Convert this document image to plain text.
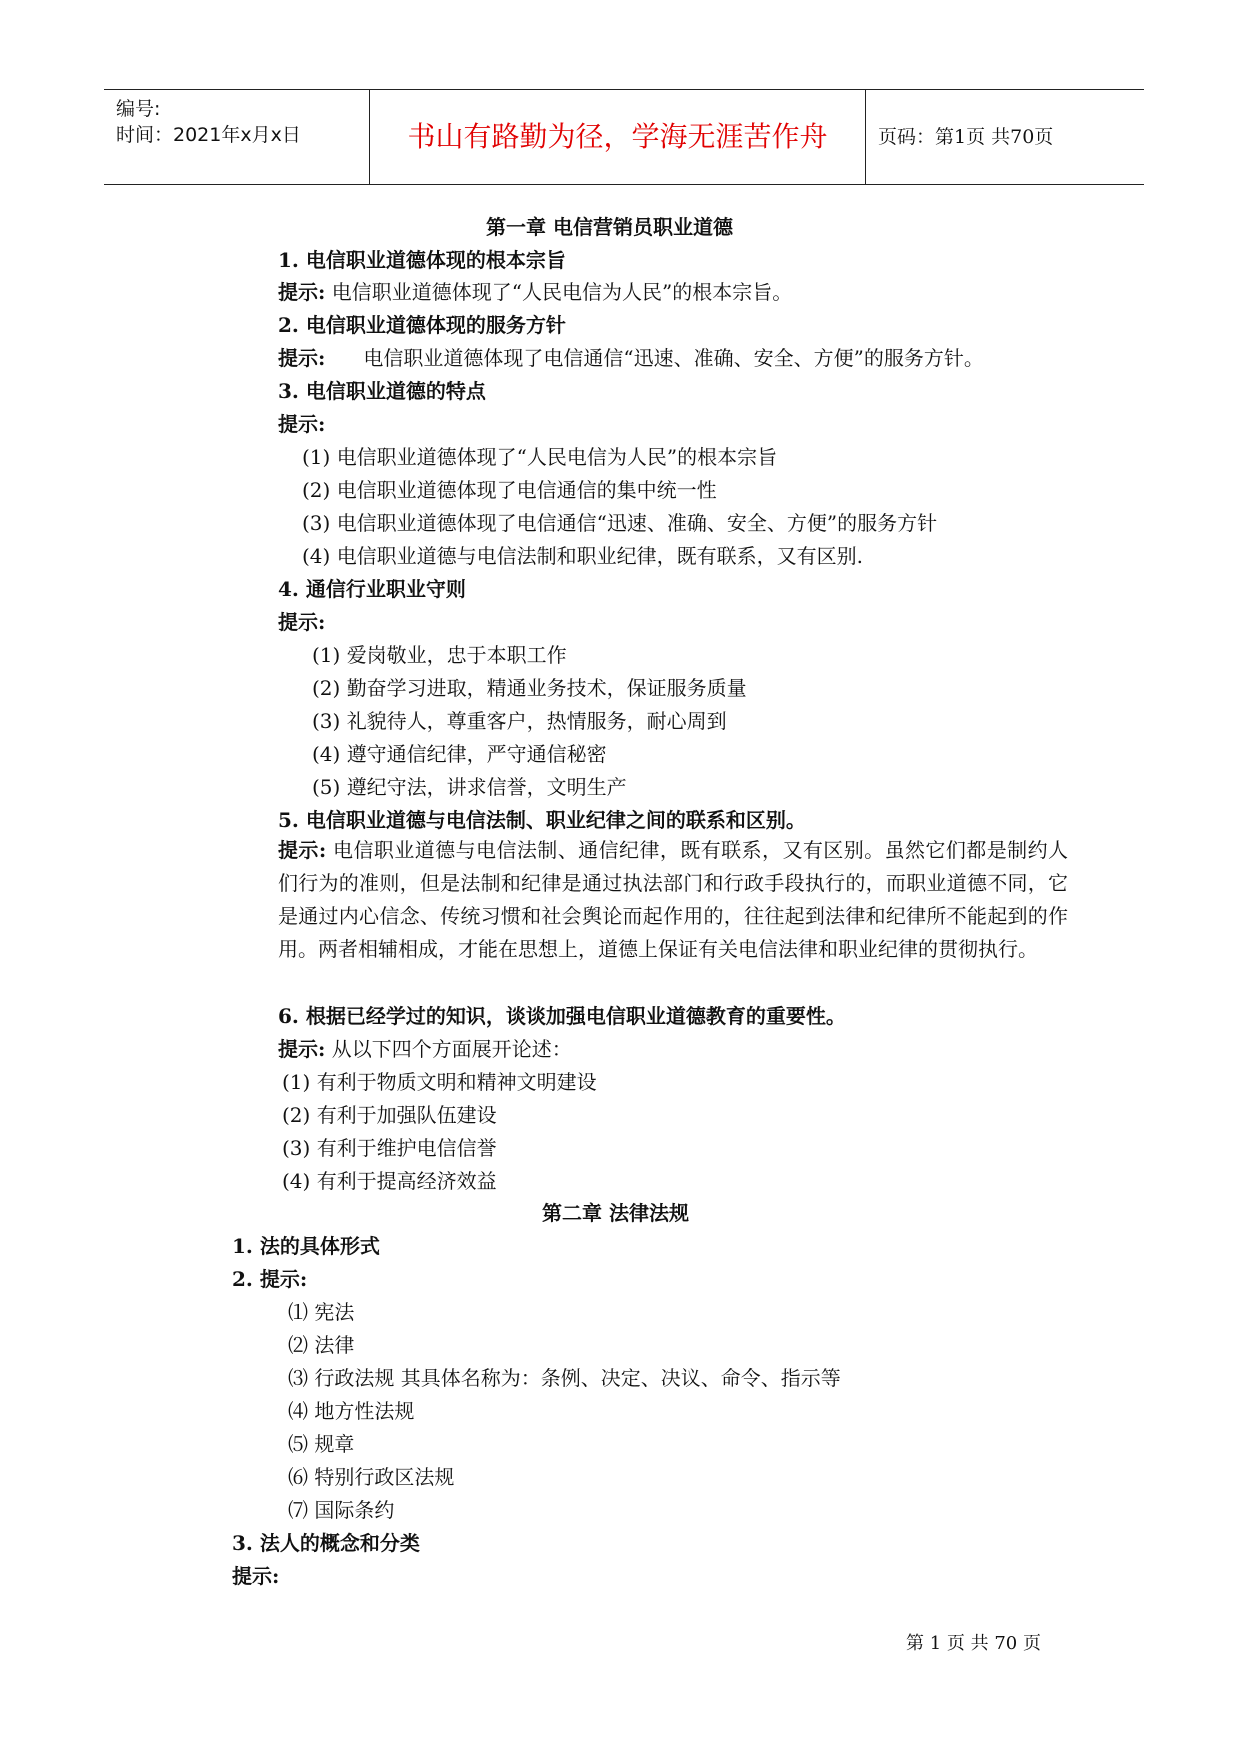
编号:
时间：2021年x月x日	书山有路勤为径，学海无涯苦作舟	页码：第1页 共70页
第一章 电信营销员职业道德
1. 电信职业道德体现的根本宗旨
提示: 电信职业道德体现了“人民电信为人民”的根本宗旨。
2. 电信职业道德体现的服务方针
提示: 电信职业道德体现了电信通信“迅速、准确、安全、方便”的服务方针。
3. 电信职业道德的特点
提示:
(1) 电信职业道德体现了“人民电信为人民”的根本宗旨
(2) 电信职业道德体现了电信通信的集中统一性
(3) 电信职业道德体现了电信通信“迅速、准确、安全、方便”的服务方针
(4) 电信职业道德与电信法制和职业纪律，既有联系，又有区别.
4. 通信行业职业守则
提示:
(1) 爱岗敬业，忠于本职工作
(2) 勤奋学习进取，精通业务技术，保证服务质量
(3) 礼貌待人，尊重客户，热情服务，耐心周到
(4) 遵守通信纪律，严守通信秘密
(5) 遵纪守法，讲求信誉，文明生产
5. 电信职业道德与电信法制、职业纪律之间的联系和区别。
提示: 电信职业道德与电信法制、通信纪律，既有联系，又有区别。虽然它们都是制约人们行为的准则，但是法制和纪律是通过执法部门和行政手段执行的，而职业道德不同，它是通过内心信念、传统习惯和社会舆论而起作用的，往往起到法律和纪律所不能起到的作用。两者相辅相成，才能在思想上，道德上保证有关电信法律和职业纪律的贯彻执行。
6. 根据已经学过的知识，谈谈加强电信职业道德教育的重要性。
提示: 从以下四个方面展开论述：
(1) 有利于物质文明和精神文明建设
(2) 有利于加强队伍建设
(3) 有利于维护电信信誉
(4) 有利于提高经济效益
第二章 法律法规
1. 法的具体形式
2. 提示:
⑴ 宪法
⑵ 法律
⑶ 行政法规 其具体名称为：条例、决定、决议、命令、指示等
⑷ 地方性法规
⑸ 规章
⑹ 特别行政区法规
⑺ 国际条约
3. 法人的概念和分类
提示:
第 1 页 共 70 页
